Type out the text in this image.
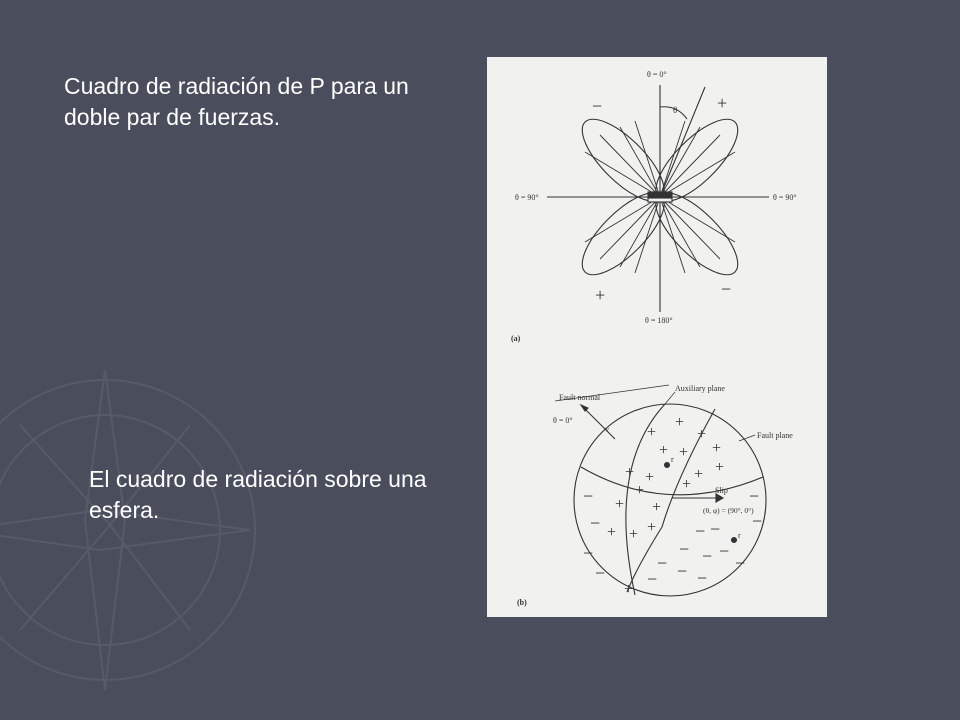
Cuadro de radiación de P para un doble par de fuerzas.

El cuadro de radiación sobre una esfera.

θ = 0°
θ
θ = 90°	θ = 90°
θ = 180°
−	+
+	−
(a)
+
+
+
+ + +
+ + +
+
+
+
+
+ + +
+
+
−
−
−
−
−
−
− −
− − −
− − −
−
−
Fault normal
Auxiliary plane
Fault plane
θ = 0°
v
r
Slip
(θ, φ) = (90°, 0°)
r
(b)
